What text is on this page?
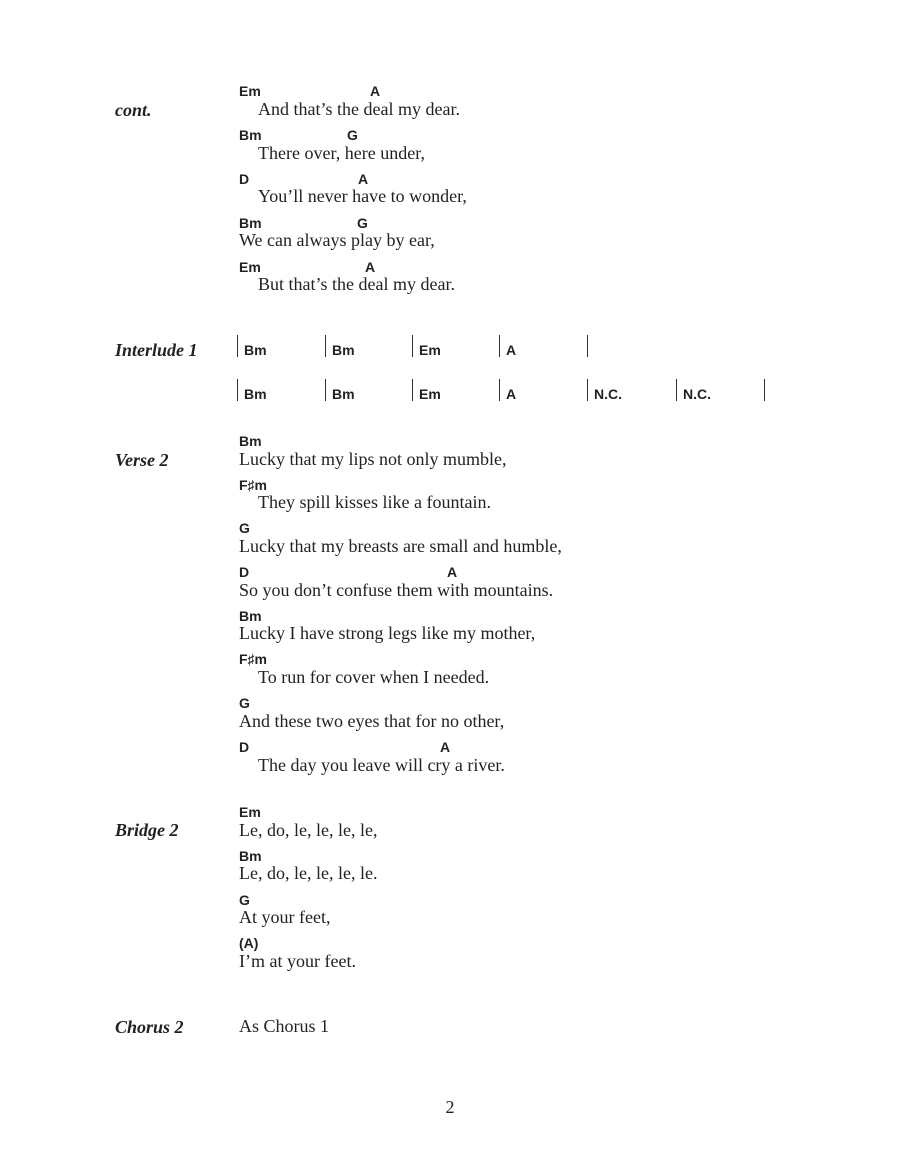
cont.
Em	A
And that’s the deal my dear.
Bm	G
There over, here under,
D	A
You’ll never have to wonder,
Bm	G
We can always play by ear,
Em	A
But that’s the deal my dear.
Interlude 1	Bm	Bm	Em	A
Bm	Bm	Em	A	N.C.	N.C.
Verse 2
Bm
Lucky that my lips not only mumble,
F♯m
They spill kisses like a fountain.
G
Lucky that my breasts are small and humble,
D	A
So you don’t confuse them with mountains.
Bm
Lucky I have strong legs like my mother,
F♯m
To run for cover when I needed.
G
And these two eyes that for no other,
D	A
The day you leave will cry a river.
Bridge 2
Em
Le, do, le, le, le, le,
Bm
Le, do, le, le, le, le.
G
At your feet,
(A)
I’m at your feet.
Chorus 2	As Chorus 1
2
